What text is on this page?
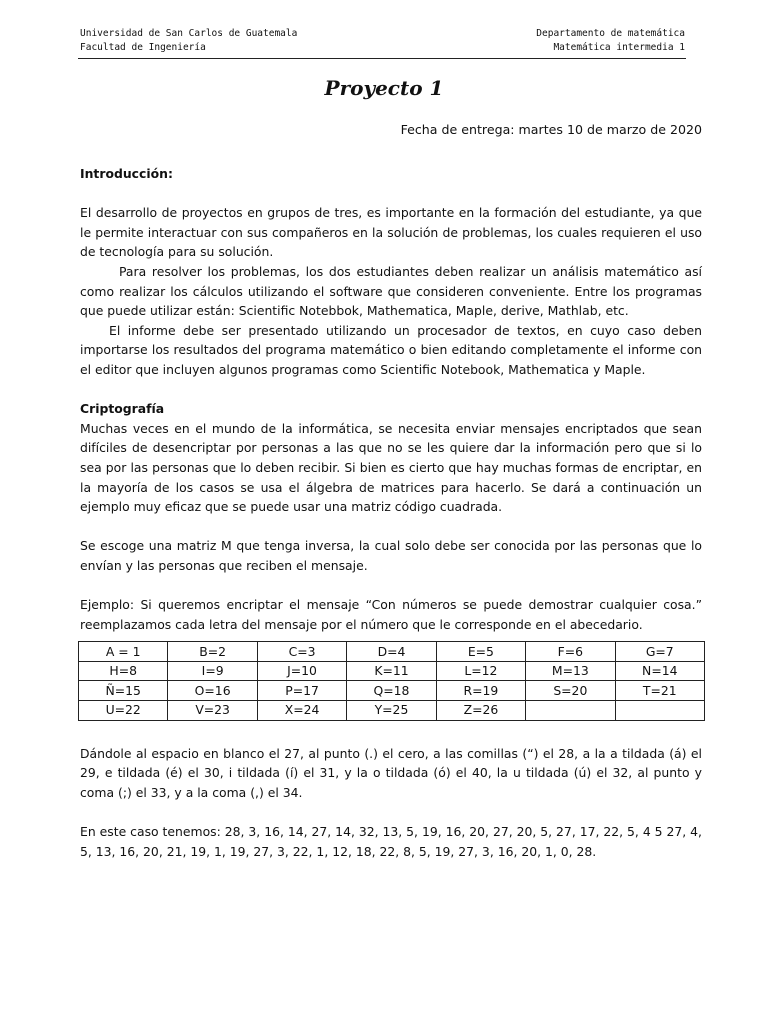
Universidad de San Carlos de Guatemala	Departamento de matemática
Facultad de Ingeniería	Matemática intermedia 1
Proyecto 1
Fecha de entrega: martes 10 de marzo de 2020

Introducción:

El desarrollo de proyectos en grupos de tres, es importante en la formación del estudiante, ya que le permite interactuar con sus compañeros en la solución de problemas, los cuales requieren el uso de tecnología para su solución.

Para resolver los problemas, los dos estudiantes deben realizar un análisis matemático así como realizar los cálculos utilizando el software que consideren conveniente. Entre los programas que puede utilizar están: Scientific Notebbok, Mathematica, Maple, derive, Mathlab, etc.

El informe debe ser presentado utilizando un procesador de textos, en cuyo caso deben importarse los resultados del programa matemático o bien editando completamente el informe con el editor que incluyen algunos programas como Scientific Notebook, Mathematica y Maple.

Criptografía

Muchas veces en el mundo de la informática, se necesita enviar mensajes encriptados que sean difíciles de desencriptar por personas a las que no se les quiere dar la información pero que si lo sea por las personas que lo deben recibir. Si bien es cierto que hay muchas formas de encriptar, en la mayoría de los casos se usa el álgebra de matrices para hacerlo. Se dará a continuación un ejemplo muy eficaz que se puede usar una matriz código cuadrada.

Se escoge una matriz M que tenga inversa, la cual solo debe ser conocida por las personas que lo envían y las personas que reciben el mensaje.

Ejemplo: Si queremos encriptar el mensaje “Con números se puede demostrar cualquier cosa.” reemplazamos cada letra del mensaje por el número que le corresponde en el abecedario.

A = 1	B=2	C=3	D=4	E=5	F=6	G=7
H=8	I=9	J=10	K=11	L=12	M=13	N=14
Ñ=15	O=16	P=17	Q=18	R=19	S=20	T=21
U=22	V=23	X=24	Y=25	Z=26		

Dándole al espacio en blanco el 27, al punto (.) el cero, a las comillas (“) el 28, a la a tildada (á) el 29, e tildada (é) el 30, i tildada (í) el 31, y la o tildada (ó) el 40, la u tildada (ú) el 32, al punto y coma (;) el 33, y a la coma (,) el 34.

En este caso tenemos: 28, 3, 16, 14, 27, 14, 32, 13, 5, 19, 16, 20, 27, 20, 5, 27, 17, 22, 5, 4 5 27, 4, 5, 13, 16, 20, 21, 19, 1, 19, 27, 3, 22, 1, 12, 18, 22, 8, 5, 19, 27, 3, 16, 20, 1, 0, 28.
